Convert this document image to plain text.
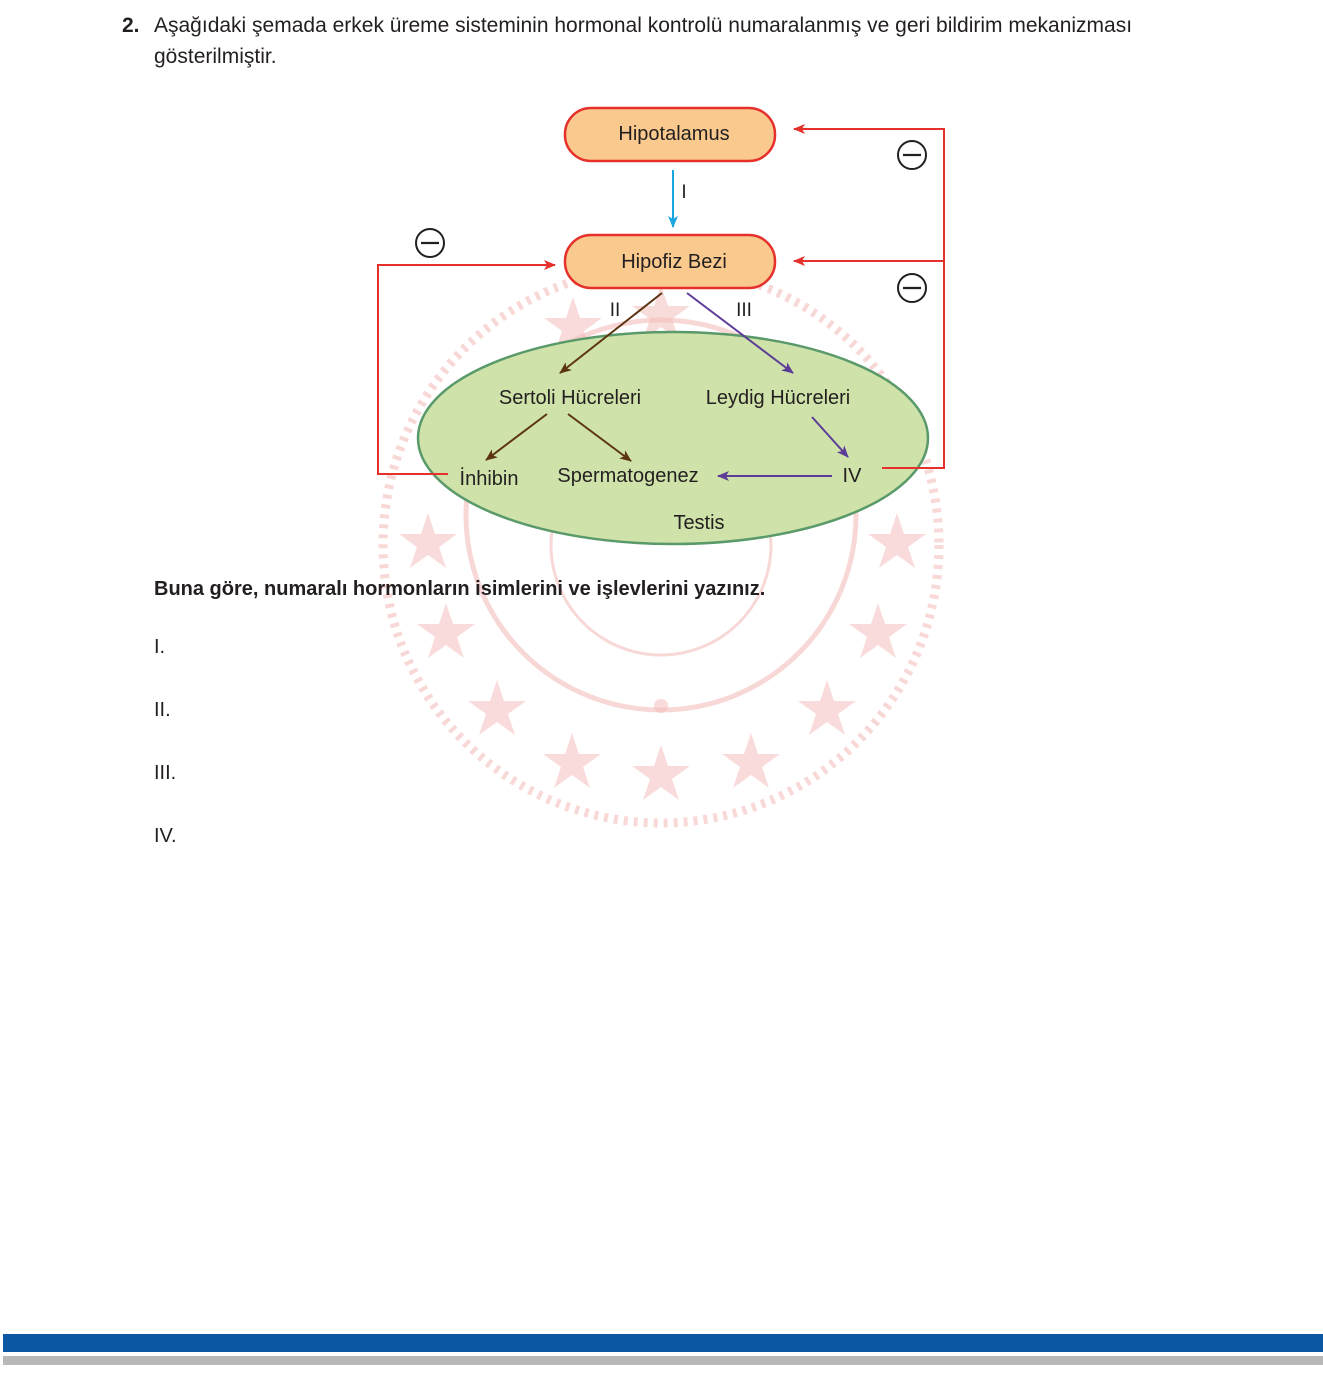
2. Aşağıdaki şemada erkek üreme sisteminin hormonal kontrolü numaralanmış ve geri bildirim mekanizması gösterilmiştir.
Hipotalamus
Hipofiz Bezi
I
II	III
Sertoli Hücreleri	Leydig Hücreleri
İnhibin Spermatogenez	IV
Testis
Buna göre, numaralı hormonların isimlerini ve işlevlerini yazınız.
I.
II.
III.
IV.
